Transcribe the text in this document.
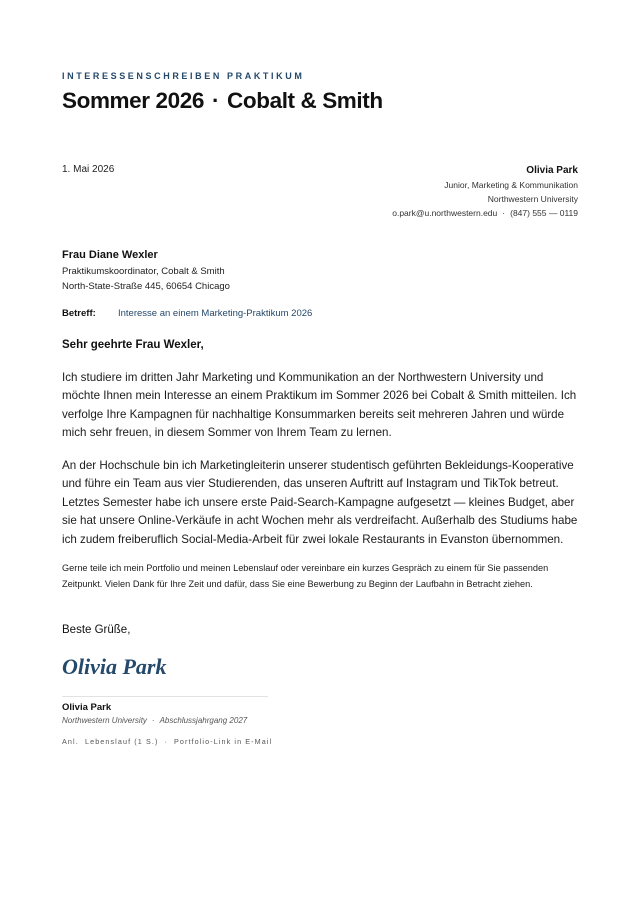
INTERESSENSCHREIBEN PRAKTIKUM
Sommer 2026 · Cobalt & Smith
1. Mai 2026	Olivia Park
Junior, Marketing & Kommunikation
Northwestern University
o.park@u.northwestern.edu · (847) 555 — 0119
Frau Diane Wexler
Praktikumskoordinator, Cobalt & Smith
North-State-Straße 445, 60654 Chicago
Betreff: Interesse an einem Marketing-Praktikum 2026
Sehr geehrte Frau Wexler,
Ich studiere im dritten Jahr Marketing und Kommunikation an der Northwestern University und möchte Ihnen mein Interesse an einem Praktikum im Sommer 2026 bei Cobalt & Smith mitteilen. Ich verfolge Ihre Kampagnen für nachhaltige Konsummarken bereits seit mehreren Jahren und würde mich sehr freuen, in diesem Sommer von Ihrem Team zu lernen.
An der Hochschule bin ich Marketingleiterin unserer studentisch geführten Bekleidungs-Kooperative und führe ein Team aus vier Studierenden, das unseren Auftritt auf Instagram und TikTok betreut. Letztes Semester habe ich unsere erste Paid-Search-Kampagne aufgesetzt — kleines Budget, aber sie hat unsere Online-Verkäufe in acht Wochen mehr als verdreifacht. Außerhalb des Studiums habe ich zudem freiberuflich Social-Media-Arbeit für zwei lokale Restaurants in Evanston übernommen.
Gerne teile ich mein Portfolio und meinen Lebenslauf oder vereinbare ein kurzes Gespräch zu einem für Sie passenden Zeitpunkt. Vielen Dank für Ihre Zeit und dafür, dass Sie eine Bewerbung zu Beginn der Laufbahn in Betracht ziehen.
Beste Grüße,
Olivia Park
Olivia Park
Northwestern University · Abschlussjahrgang 2027
Anl. Lebenslauf (1 S.) · Portfolio-Link in E-Mail
